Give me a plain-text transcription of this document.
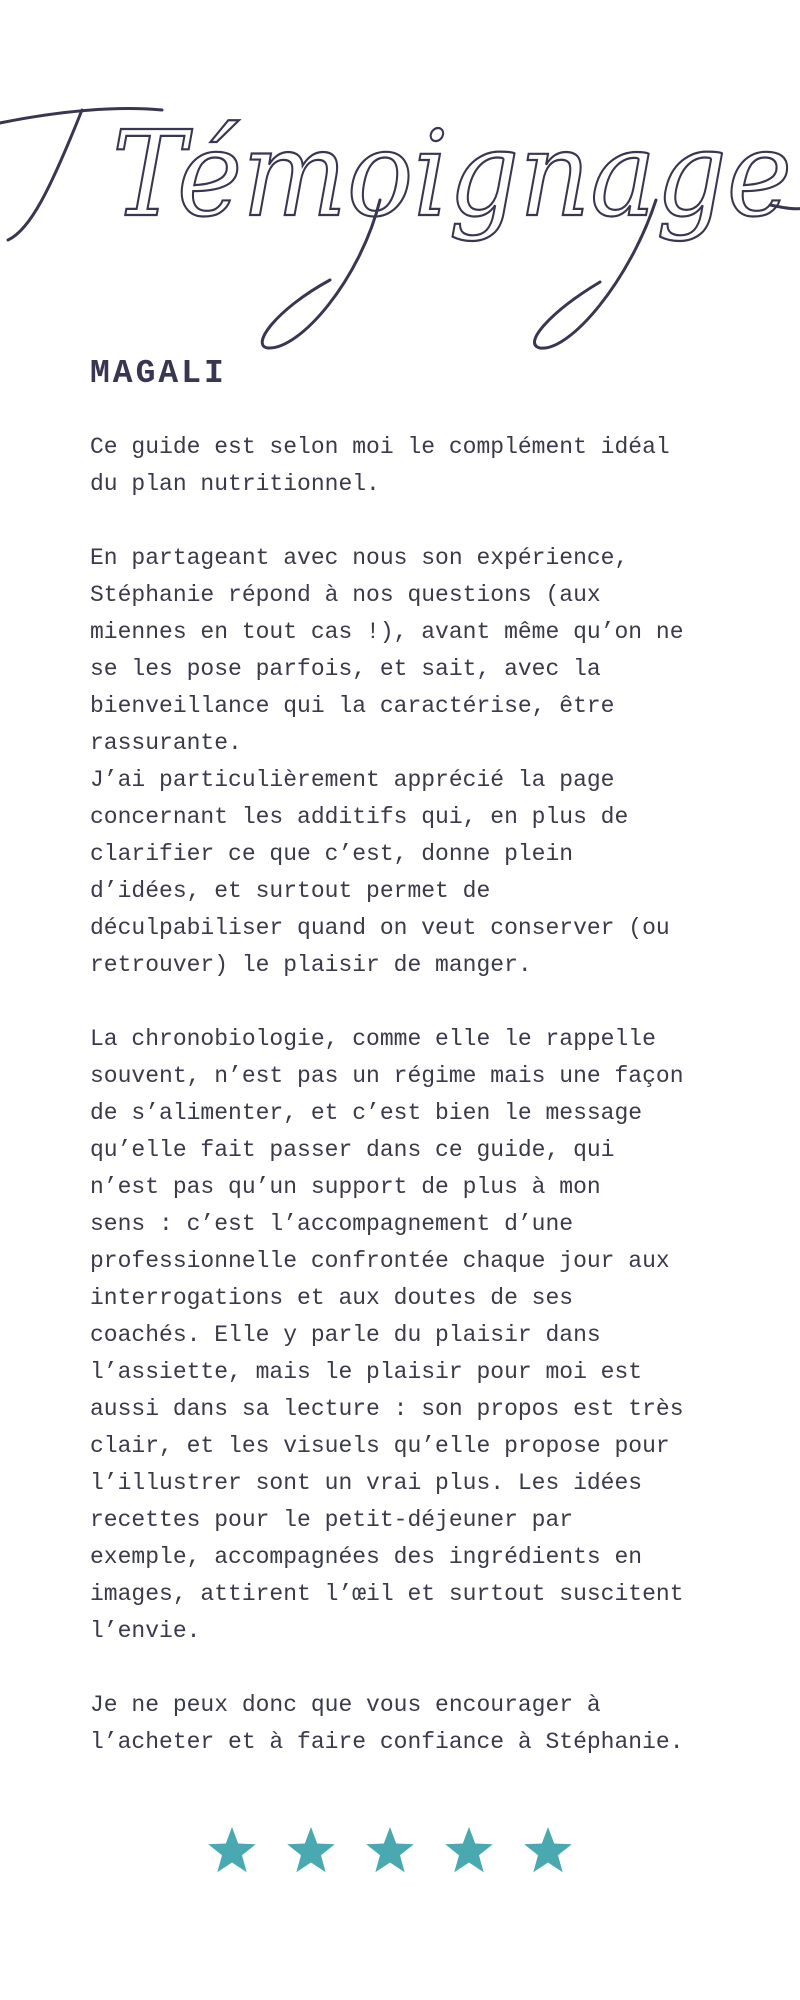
Témoignage
MAGALI
Ce guide est selon moi le complément idéal
du plan nutritionnel.
En partageant avec nous son expérience,
Stéphanie répond à nos questions (aux
miennes en tout cas !), avant même qu’on ne
se les pose parfois, et sait, avec la
bienveillance qui la caractérise, être
rassurante.
J’ai particulièrement apprécié la page
concernant les additifs qui, en plus de
clarifier ce que c’est, donne plein
d’idées, et surtout permet de
déculpabiliser quand on veut conserver (ou
retrouver) le plaisir de manger.
La chronobiologie, comme elle le rappelle
souvent, n’est pas un régime mais une façon
de s’alimenter, et c’est bien le message
qu’elle fait passer dans ce guide, qui
n’est pas qu’un support de plus à mon
sens : c’est l’accompagnement d’une
professionnelle confrontée chaque jour aux
interrogations et aux doutes de ses
coachés. Elle y parle du plaisir dans
l’assiette, mais le plaisir pour moi est
aussi dans sa lecture : son propos est très
clair, et les visuels qu’elle propose pour
l’illustrer sont un vrai plus. Les idées
recettes pour le petit-déjeuner par
exemple, accompagnées des ingrédients en
images, attirent l’œil et surtout suscitent
l’envie.
Je ne peux donc que vous encourager à
l’acheter et à faire confiance à Stéphanie.
